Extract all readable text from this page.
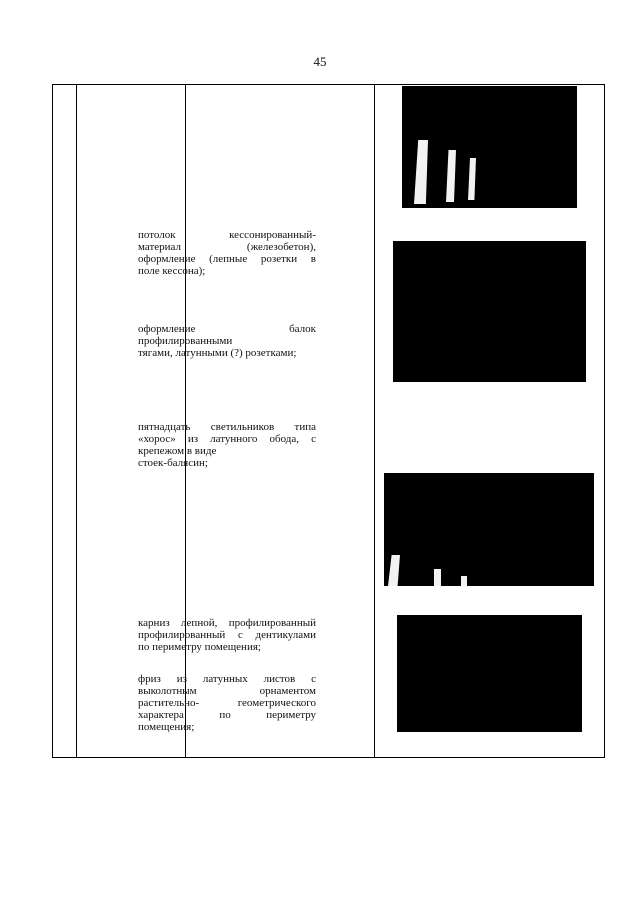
45
потолок кессонированный-
материал (железобетон),
оформление (лепные розетки в
поле кессона);
оформление балок
профилированными
тягами, латунными (?) розетками;
пятнадцать светильников типа
«хорос» из латунного обода, с
крепежом в виде
стоек-балясин;
карниз лепной, профилированный
профилированный с дентикулами
по периметру помещения;
фриз из латунных листов с
выколотным орнаментом
растительно- геометрического
характера по периметру
помещения;
